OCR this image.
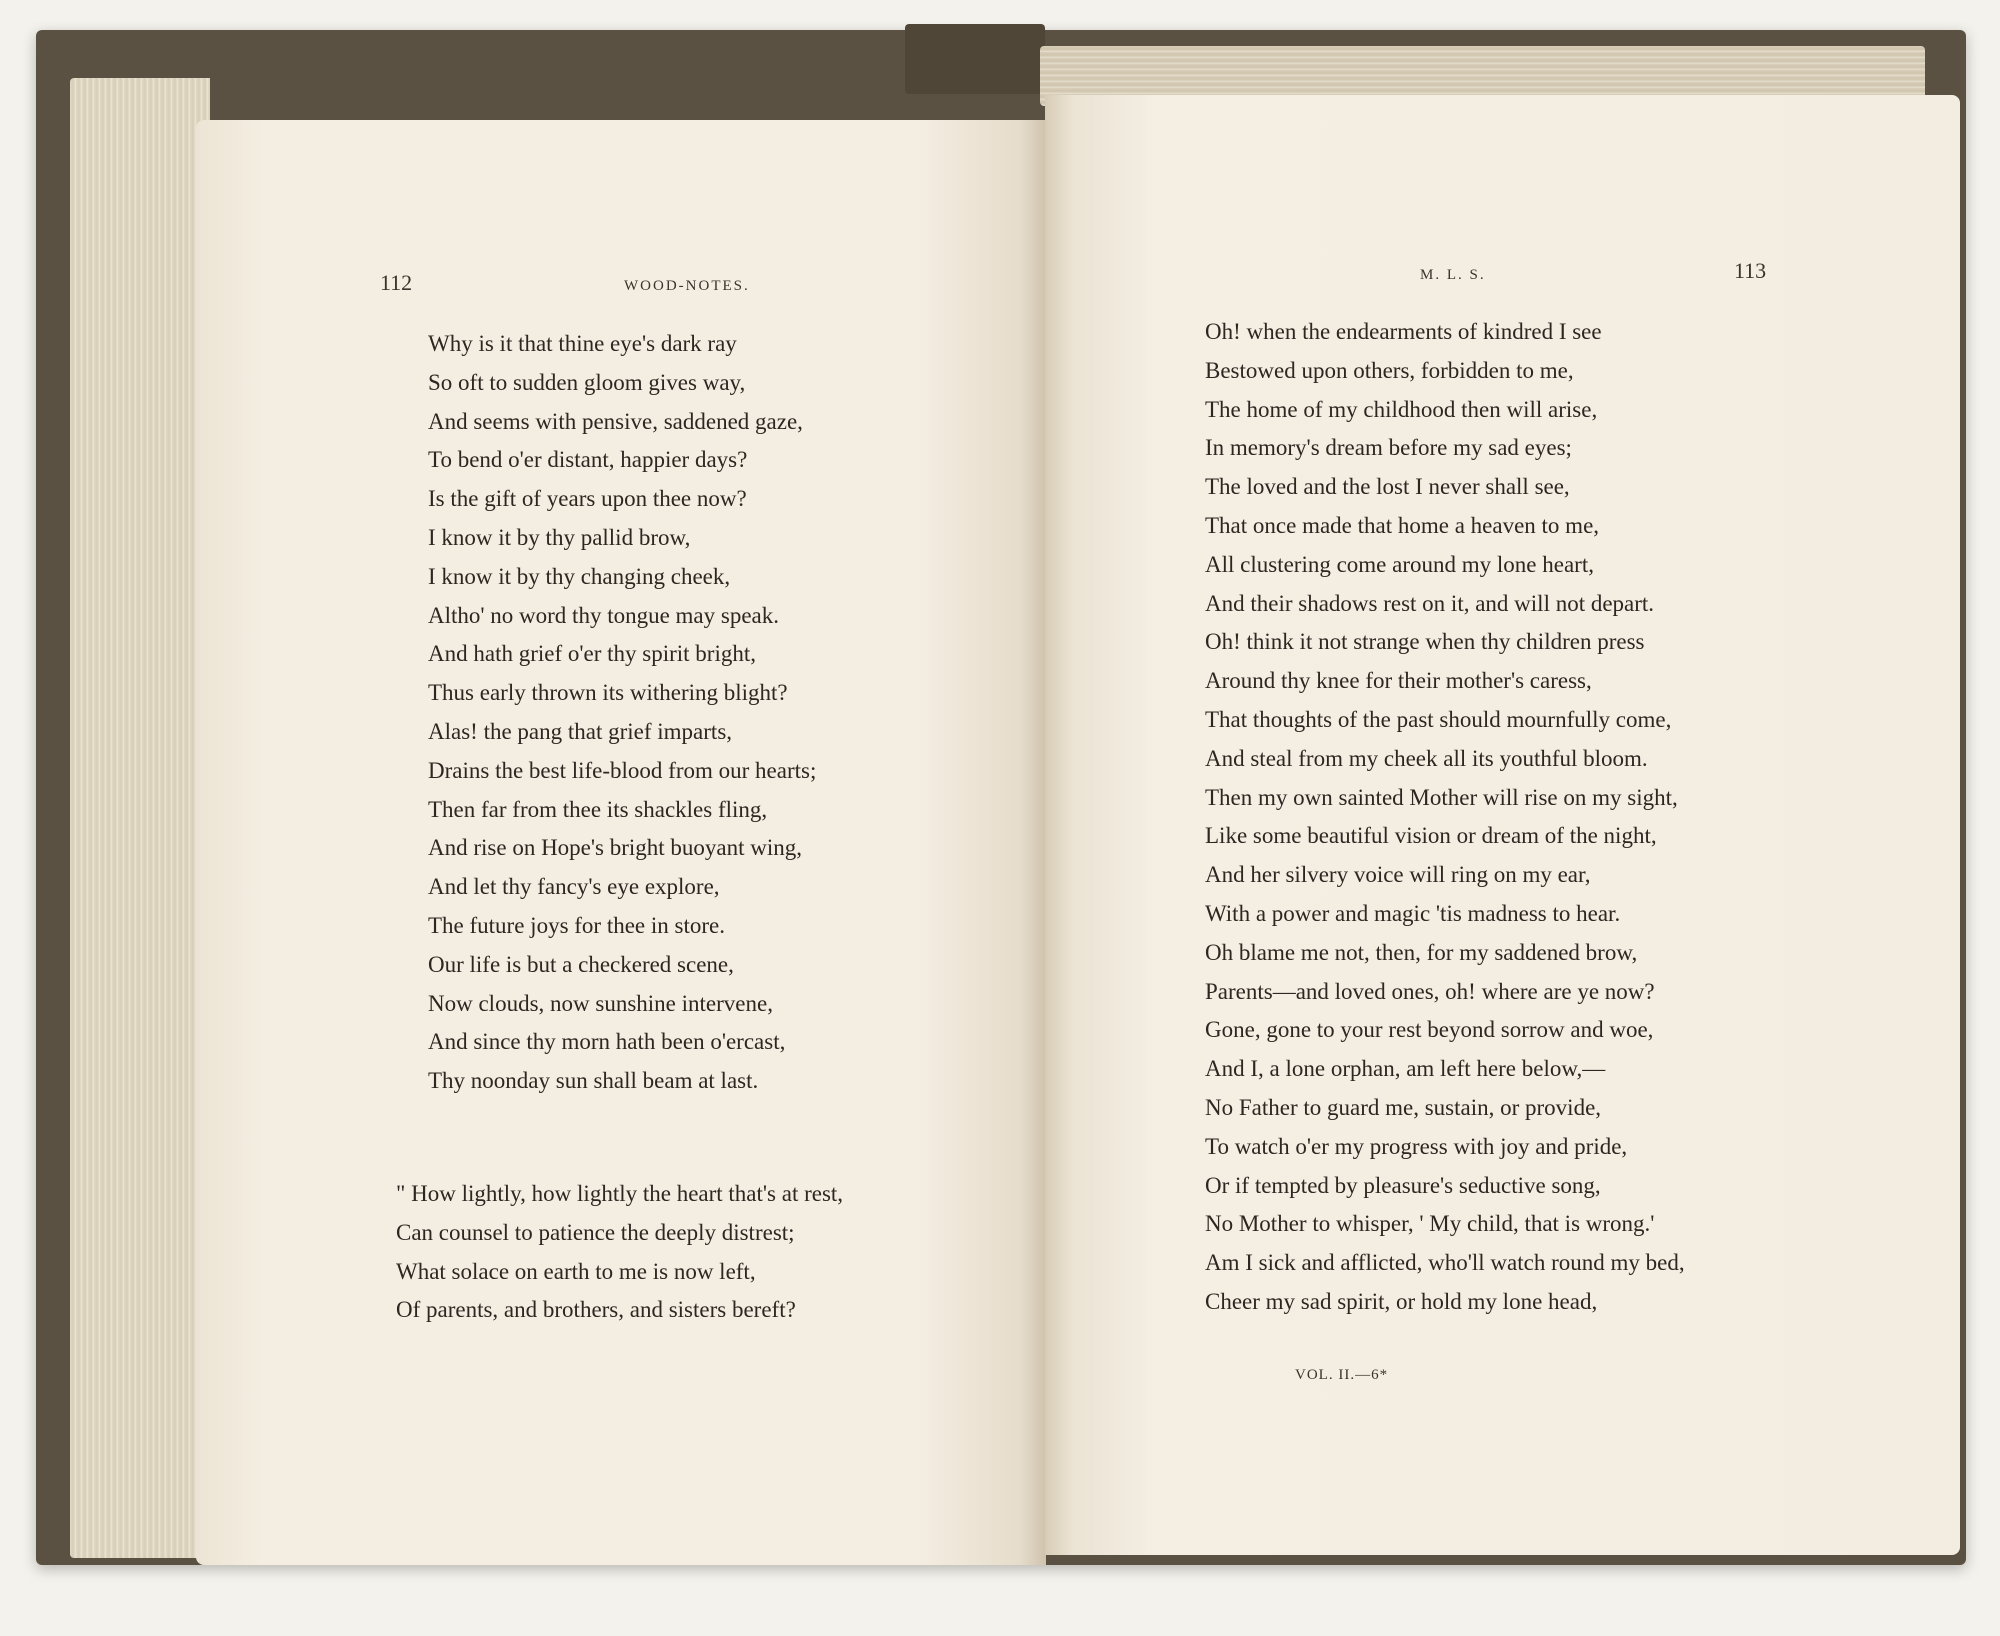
112	WOOD-NOTES.
Why is it that thine eye's dark ray
So oft to sudden gloom gives way,
And seems with pensive, saddened gaze,
To bend o'er distant, happier days?
Is the gift of years upon thee now?
I know it by thy pallid brow,
I know it by thy changing cheek,
Altho' no word thy tongue may speak.
And hath grief o'er thy spirit bright,
Thus early thrown its withering blight?
Alas! the pang that grief imparts,
Drains the best life-blood from our hearts;
Then far from thee its shackles fling,
And rise on Hope's bright buoyant wing,
And let thy fancy's eye explore,
The future joys for thee in store.
Our life is but a checkered scene,
Now clouds, now sunshine intervene,
And since thy morn hath been o'ercast,
Thy noonday sun shall beam at last.
" How lightly, how lightly the heart that's at rest,
Can counsel to patience the deeply distrest;
What solace on earth to me is now left,
Of parents, and brothers, and sisters bereft?
M. L. S.	113
Oh! when the endearments of kindred I see
Bestowed upon others, forbidden to me,
The home of my childhood then will arise,
In memory's dream before my sad eyes;
The loved and the lost I never shall see,
That once made that home a heaven to me,
All clustering come around my lone heart,
And their shadows rest on it, and will not depart.
Oh! think it not strange when thy children press
Around thy knee for their mother's caress,
That thoughts of the past should mournfully come,
And steal from my cheek all its youthful bloom.
Then my own sainted Mother will rise on my sight,
Like some beautiful vision or dream of the night,
And her silvery voice will ring on my ear,
With a power and magic 'tis madness to hear.
Oh blame me not, then, for my saddened brow,
Parents—and loved ones, oh! where are ye now?
Gone, gone to your rest beyond sorrow and woe,
And I, a lone orphan, am left here below,—
No Father to guard me, sustain, or provide,
To watch o'er my progress with joy and pride,
Or if tempted by pleasure's seductive song,
No Mother to whisper, ' My child, that is wrong.'
Am I sick and afflicted, who'll watch round my bed,
Cheer my sad spirit, or hold my lone head,
VOL. II.—6*
